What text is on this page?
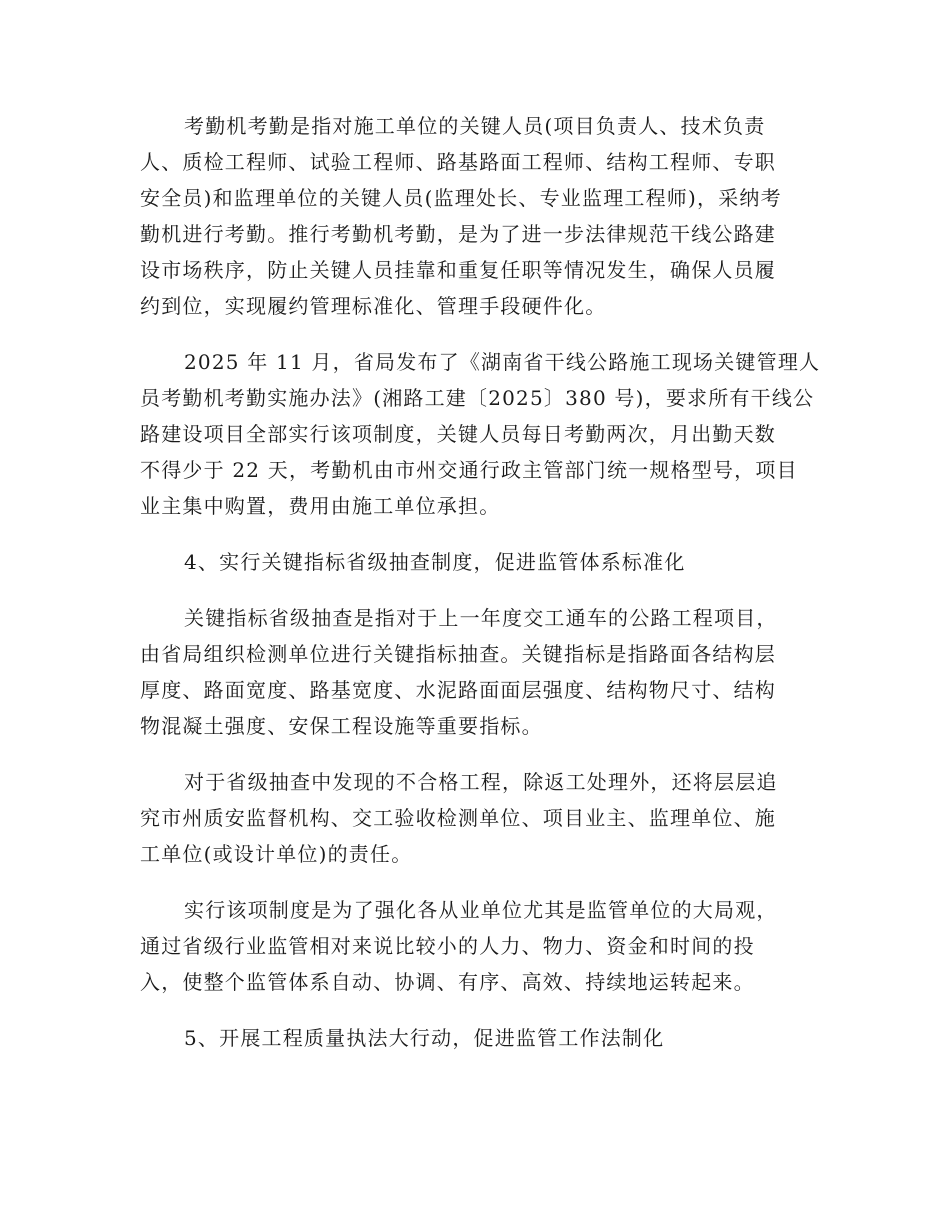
考勤机考勤是指对施工单位的关键人员(项目负责人、技术负责
人、质检工程师、试验工程师、路基路面工程师、结构工程师、专职
安全员)和监理单位的关键人员(监理处长、专业监理工程师)，采纳考
勤机进行考勤。推行考勤机考勤，是为了进一步法律规范干线公路建
设市场秩序，防止关键人员挂靠和重复任职等情况发生，确保人员履
约到位，实现履约管理标准化、管理手段硬件化。

2025 年 11 月，省局发布了《湖南省干线公路施工现场关键管理人
员考勤机考勤实施办法》(湘路工建〔2025〕380 号)，要求所有干线公
路建设项目全部实行该项制度，关键人员每日考勤两次，月出勤天数
不得少于 22 天，考勤机由市州交通行政主管部门统一规格型号，项目
业主集中购置，费用由施工单位承担。

4、实行关键指标省级抽查制度，促进监管体系标准化

关键指标省级抽查是指对于上一年度交工通车的公路工程项目，
由省局组织检测单位进行关键指标抽查。关键指标是指路面各结构层
厚度、路面宽度、路基宽度、水泥路面面层强度、结构物尺寸、结构
物混凝土强度、安保工程设施等重要指标。

对于省级抽查中发现的不合格工程，除返工处理外，还将层层追
究市州质安监督机构、交工验收检测单位、项目业主、监理单位、施
工单位(或设计单位)的责任。

实行该项制度是为了强化各从业单位尤其是监管单位的大局观，
通过省级行业监管相对来说比较小的人力、物力、资金和时间的投
入，使整个监管体系自动、协调、有序、高效、持续地运转起来。

5、开展工程质量执法大行动，促进监管工作法制化
